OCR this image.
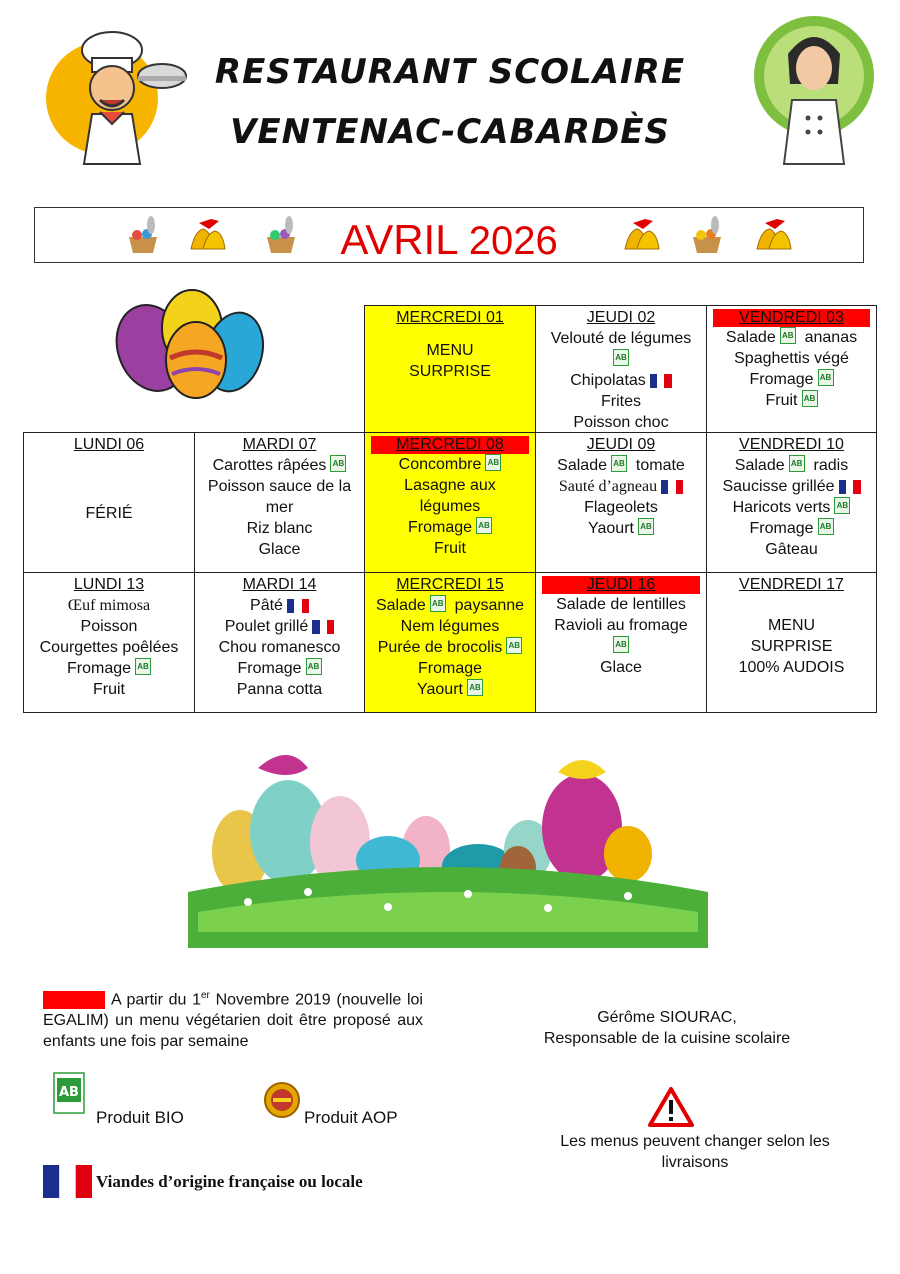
RESTAURANT SCOLAIRE
VENTENAC-CABARDÈS
AVRIL 2026
MERCREDI 01
MENU
SURPRISE
JEUDI 02
Velouté de légumes
AB
Chipolatas
Frites
Poisson choc
VENDREDI 03
Salade AB ananas
Spaghettis végé
Fromage AB
Fruit AB
LUNDI 06
FÉRIÉ
MARDI 07
Carottes râpées AB
Poisson sauce de la
mer
Riz blanc
Glace
MERCREDI 08
Concombre AB
Lasagne aux
légumes
Fromage AB
Fruit
JEUDI 09
Salade AB tomate
Sauté d’agneau
Flageolets
Yaourt AB
VENDREDI 10
Salade AB radis
Saucisse grillée
Haricots verts AB
Fromage AB
Gâteau
LUNDI 13
Œuf mimosa
Poisson
Courgettes poêlées
Fromage AB
Fruit
MARDI 14
Pâté
Poulet grillé
Chou romanesco
Fromage AB
Panna cotta
MERCREDI 15
Salade AB paysanne
Nem légumes
Purée de brocolis AB
Fromage
Yaourt AB
JEUDI 16
Salade de lentilles
Ravioli au fromage
AB
Glace
VENDREDI 17
MENU
SURPRISE
100% AUDOIS
A partir du 1er Novembre 2019 (nouvelle loi EGALIM) un menu végétarien doit être proposé aux enfants une fois par semaine
Gérôme SIOURAC,
Responsable de la cuisine scolaire
AB
Produit BIO	Produit AOP
Les menus peuvent changer selon les livraisons
Viandes d’origine française ou locale
